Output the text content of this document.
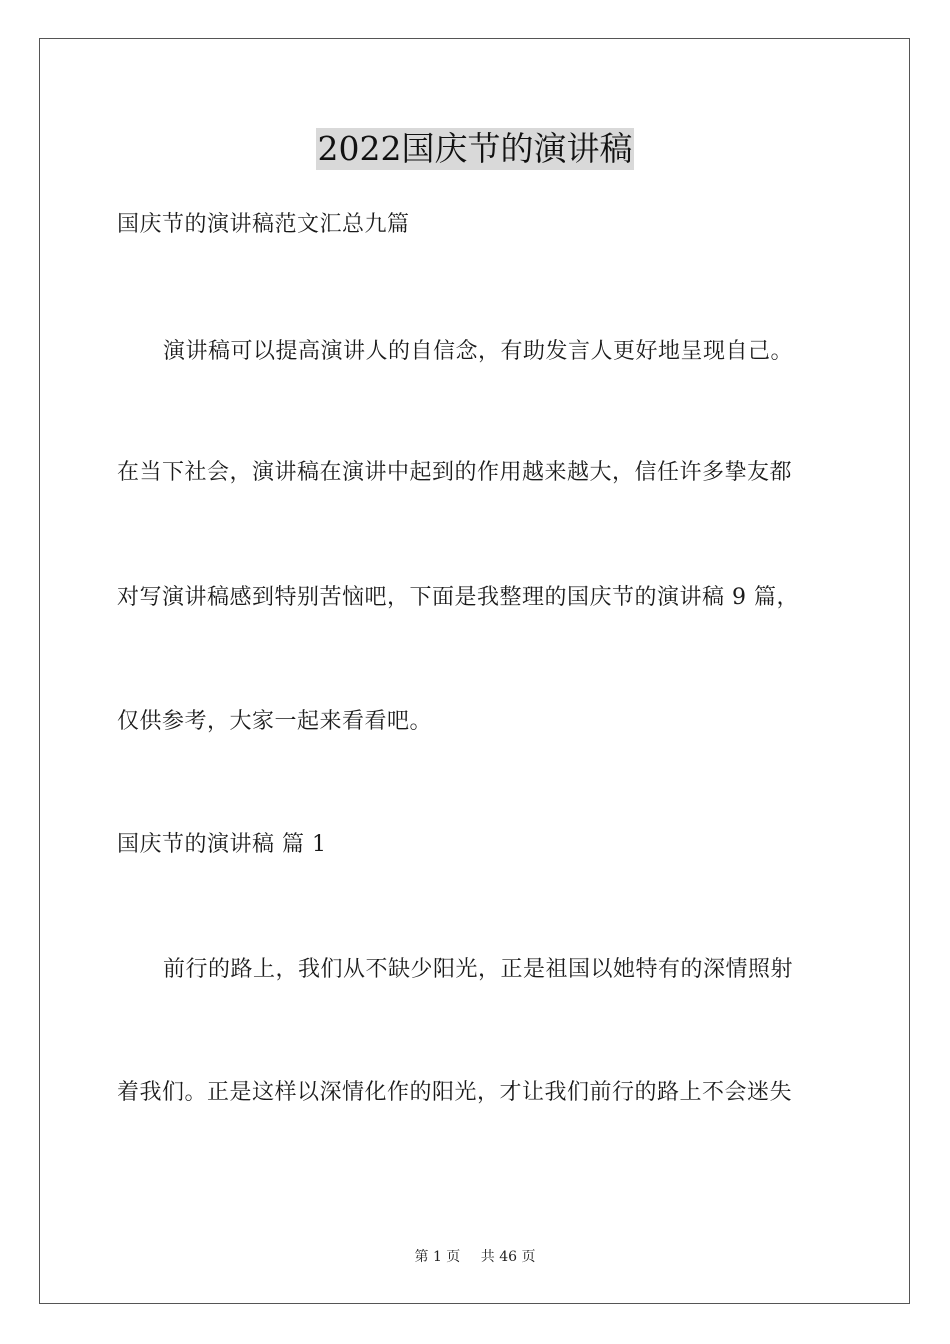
2022国庆节的演讲稿
国庆节的演讲稿范文汇总九篇
演讲稿可以提高演讲人的自信念，有助发言人更好地呈现自己。
在当下社会，演讲稿在演讲中起到的作用越来越大，信任许多挚友都
对写演讲稿感到特别苦恼吧，下面是我整理的国庆节的演讲稿 9 篇，
仅供参考，大家一起来看看吧。
国庆节的演讲稿 篇 1
前行的路上，我们从不缺少阳光，正是祖国以她特有的深情照射
着我们。正是这样以深情化作的阳光，才让我们前行的路上不会迷失
第 1 页 共 46 页
